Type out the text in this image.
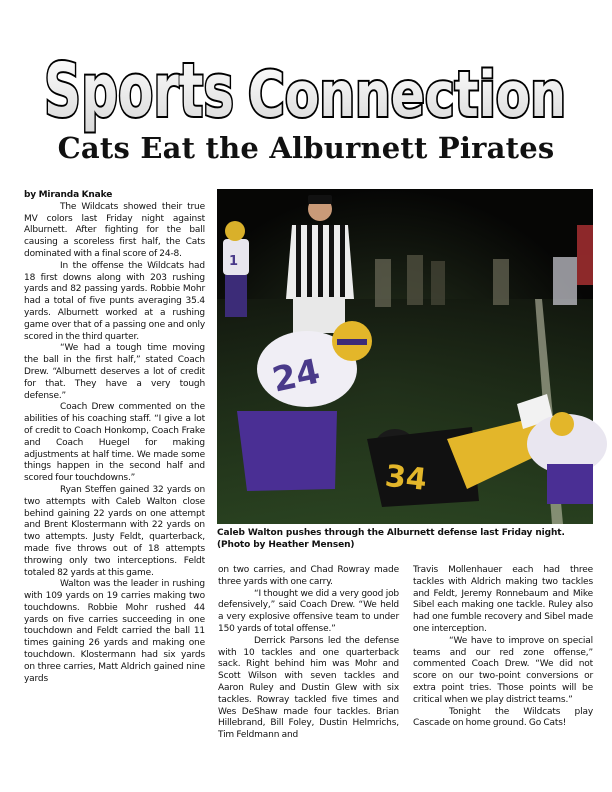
Sports Connection
Cats Eat the Alburnett Pirates

by Miranda Knake

The Wildcats showed their true MV colors last Friday night against Alburnett. After fighting for the ball causing a scoreless first half, the Cats dominated with a final score of 24-8.

In the offense the Wildcats had 18 first downs along with 203 rushing yards and 82 passing yards. Robbie Mohr had a total of five punts averaging 35.4 yards. Alburnett worked at a rushing game over that of a passing one and only scored in the third quarter.

“We had a tough time moving the ball in the first half,” stated Coach Drew. “Alburnett deserves a lot of credit for that. They have a very tough defense.”

Coach Drew commented on the abilities of his coaching staff. “I give a lot of credit to Coach Honkomp, Coach Frake and Coach Huegel for making adjustments at half time. We made some things happen in the second half and scored four touchdowns.”

Ryan Steffen gained 32 yards on two attempts with Caleb Walton close behind gaining 22 yards on one attempt and Brent Klostermann with 22 yards on two attempts. Justy Feldt, quarterback, made five throws out of 18 attempts throwing only two interceptions. Feldt totaled 82 yards at this game.

Walton was the leader in rushing with 109 yards on 19 carries making two touchdowns. Robbie Mohr rushed 44 yards on five carries succeeding in one touchdown and Feldt carried the ball 11 times gaining 26 yards and making one touchdown. Klostermann had six yards on three carries, Matt Aldrich gained nine yards

1
24
34
Caleb Walton pushes through the Alburnett defense last Friday night. (Photo by Heather Mensen)

on two carries, and Chad Rowray made three yards with one carry.

“I thought we did a very good job defensively,” said Coach Drew. “We held a very explosive offensive team to under 150 yards of total offense.”

Derrick Parsons led the defense with 10 tackles and one quarterback sack. Right behind him was Mohr and Scott Wilson with seven tackles and Aaron Ruley and Dustin Glew with six tackles. Rowray tackled five times and Wes DeShaw made four tackles. Brian Hillebrand, Bill Foley, Dustin Helmrichs, Tim Feldmann and

Travis Mollenhauer each had three tackles with Aldrich making two tackles and Feldt, Jeremy Ronnebaum and Mike Sibel each making one tackle. Ruley also had one fumble recovery and Sibel made one interception.

“We have to improve on special teams and our red zone offense,” commented Coach Drew. “We did not score on our two-point conversions or extra point tries. Those points will be critical when we play district teams.”

Tonight the Wildcats play Cascade on home ground. Go Cats!
